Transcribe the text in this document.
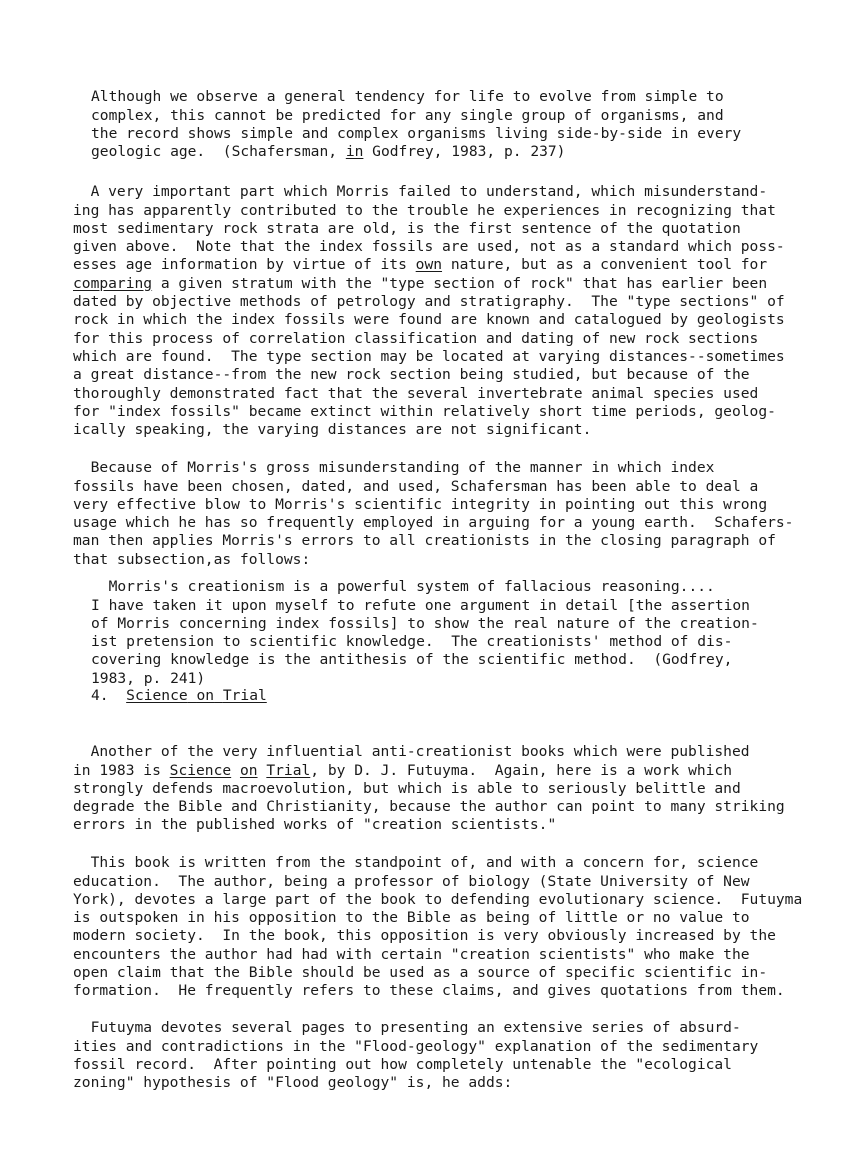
Although we observe a general tendency for life to evolve from simple to
complex, this cannot be predicted for any single group of organisms, and
the record shows simple and complex organisms living side-by-side in every
geologic age.  (Schafersman, in Godfrey, 1983, p. 237)

A very important part which Morris failed to understand, which misunderstand-
ing has apparently contributed to the trouble he experiences in recognizing that
most sedimentary rock strata are old, is the first sentence of the quotation
given above.  Note that the index fossils are used, not as a standard which poss-
esses age information by virtue of its own nature, but as a convenient tool for
comparing a given stratum with the "type section of rock" that has earlier been
dated by objective methods of petrology and stratigraphy.  The "type sections" of
rock in which the index fossils were found are known and catalogued by geologists
for this process of correlation classification and dating of new rock sections
which are found.  The type section may be located at varying distances--sometimes
a great distance--from the new rock section being studied, but because of the
thoroughly demonstrated fact that the several invertebrate animal species used
for "index fossils" became extinct within relatively short time periods, geolog-
ically speaking, the varying distances are not significant.

Because of Morris's gross misunderstanding of the manner in which index
fossils have been chosen, dated, and used, Schafersman has been able to deal a
very effective blow to Morris's scientific integrity in pointing out this wrong
usage which he has so frequently employed in arguing for a young earth.  Schafers-
man then applies Morris's errors to all creationists in the closing paragraph of
that subsection,as follows:

Morris's creationism is a powerful system of fallacious reasoning....
I have taken it upon myself to refute one argument in detail [the assertion
of Morris concerning index fossils] to show the real nature of the creation-
ist pretension to scientific knowledge.  The creationists' method of dis-
covering knowledge is the antithesis of the scientific method.  (Godfrey,
1983, p. 241)
4.  Science on Trial

Another of the very influential anti-creationist books which were published
in 1983 is Science on Trial, by D. J. Futuyma.  Again, here is a work which
strongly defends macroevolution, but which is able to seriously belittle and
degrade the Bible and Christianity, because the author can point to many striking
errors in the published works of "creation scientists."

This book is written from the standpoint of, and with a concern for, science
education.  The author, being a professor of biology (State University of New
York), devotes a large part of the book to defending evolutionary science.  Futuyma
is outspoken in his opposition to the Bible as being of little or no value to
modern society.  In the book, this opposition is very obviously increased by the
encounters the author had had with certain "creation scientists" who make the
open claim that the Bible should be used as a source of specific scientific in-
formation.  He frequently refers to these claims, and gives quotations from them.

Futuyma devotes several pages to presenting an extensive series of absurd-
ities and contradictions in the "Flood-geology" explanation of the sedimentary
fossil record.  After pointing out how completely untenable the "ecological
zoning" hypothesis of "Flood geology" is, he adds:
